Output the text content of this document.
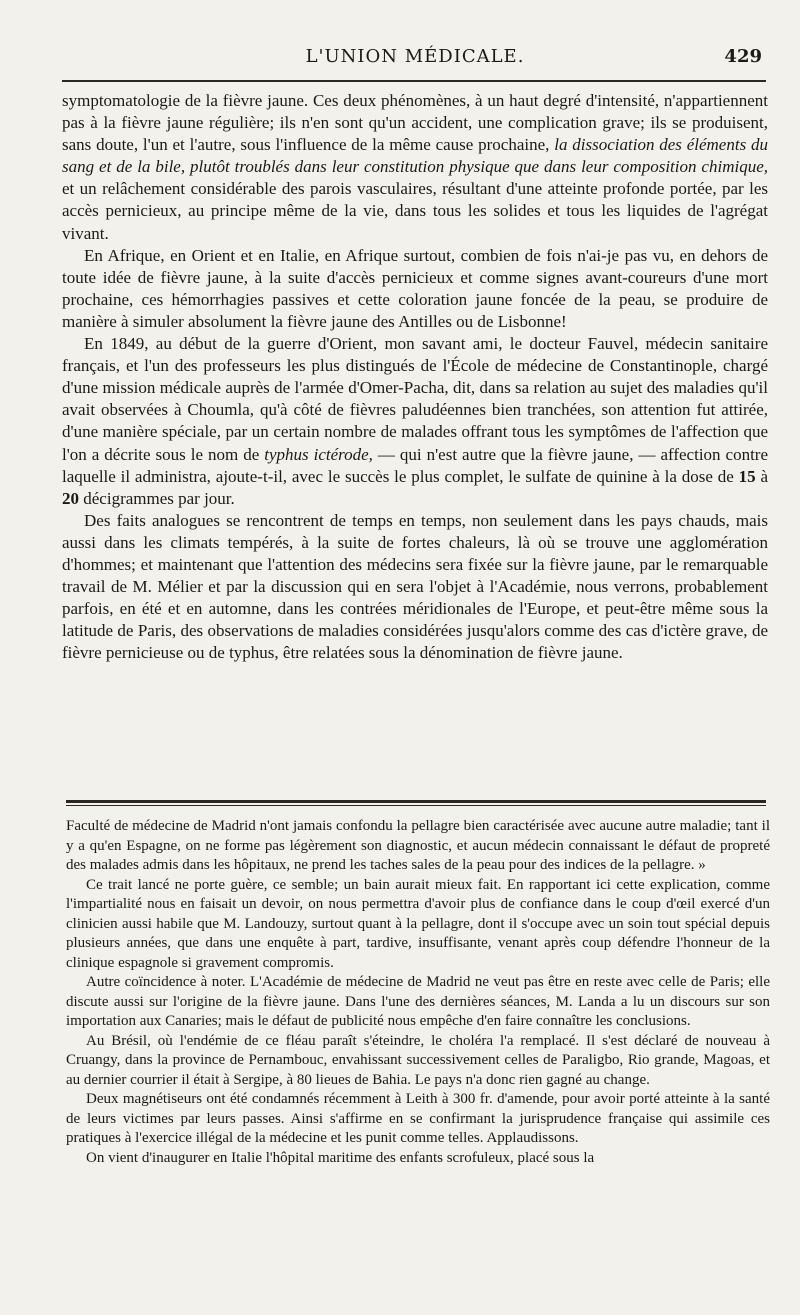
L'UNION MÉDICALE.	429

symptomatologie de la fièvre jaune. Ces deux phénomènes, à un haut degré d'intensité, n'appartiennent pas à la fièvre jaune régulière; ils n'en sont qu'un accident, une complication grave; ils se produisent, sans doute, l'un et l'autre, sous l'influence de la même cause prochaine, la dissociation des éléments du sang et de la bile, plutôt troublés dans leur constitution physique que dans leur composition chimique, et un relâchement considérable des parois vasculaires, résultant d'une atteinte profonde portée, par les accès pernicieux, au principe même de la vie, dans tous les solides et tous les liquides de l'agrégat vivant.

En Afrique, en Orient et en Italie, en Afrique surtout, combien de fois n'ai-je pas vu, en dehors de toute idée de fièvre jaune, à la suite d'accès pernicieux et comme signes avant-coureurs d'une mort prochaine, ces hémorrhagies passives et cette coloration jaune foncée de la peau, se produire de manière à simuler absolument la fièvre jaune des Antilles ou de Lisbonne!

En 1849, au début de la guerre d'Orient, mon savant ami, le docteur Fauvel, médecin sanitaire français, et l'un des professeurs les plus distingués de l'École de médecine de Constantinople, chargé d'une mission médicale auprès de l'armée d'Omer-Pacha, dit, dans sa relation au sujet des maladies qu'il avait observées à Choumla, qu'à côté de fièvres paludéennes bien tranchées, son attention fut attirée, d'une manière spéciale, par un certain nombre de malades offrant tous les symptômes de l'affection que l'on a décrite sous le nom de typhus ictérode, — qui n'est autre que la fièvre jaune, — affection contre laquelle il administra, ajoute-t-il, avec le succès le plus complet, le sulfate de quinine à la dose de 15 à 20 décigrammes par jour.

Des faits analogues se rencontrent de temps en temps, non seulement dans les pays chauds, mais aussi dans les climats tempérés, à la suite de fortes chaleurs, là où se trouve une agglomération d'hommes; et maintenant que l'attention des médecins sera fixée sur la fièvre jaune, par le remarquable travail de M. Mélier et par la discussion qui en sera l'objet à l'Académie, nous verrons, probablement parfois, en été et en automne, dans les contrées méridionales de l'Europe, et peut-être même sous la latitude de Paris, des observations de maladies considérées jusqu'alors comme des cas d'ictère grave, de fièvre pernicieuse ou de typhus, être relatées sous la dénomination de fièvre jaune.

Faculté de médecine de Madrid n'ont jamais confondu la pellagre bien caractérisée avec aucune autre maladie; tant il y a qu'en Espagne, on ne forme pas légèrement son diagnostic, et aucun médecin connaissant le défaut de propreté des malades admis dans les hôpitaux, ne prend les taches sales de la peau pour des indices de la pellagre. »

Ce trait lancé ne porte guère, ce semble; un bain aurait mieux fait. En rapportant ici cette explication, comme l'impartialité nous en faisait un devoir, on nous permettra d'avoir plus de confiance dans le coup d'œil exercé d'un clinicien aussi habile que M. Landouzy, surtout quant à la pellagre, dont il s'occupe avec un soin tout spécial depuis plusieurs années, que dans une enquête à part, tardive, insuffisante, venant après coup défendre l'honneur de la clinique espagnole si gravement compromis.

Autre coïncidence à noter. L'Académie de médecine de Madrid ne veut pas être en reste avec celle de Paris; elle discute aussi sur l'origine de la fièvre jaune. Dans l'une des dernières séances, M. Landa a lu un discours sur son importation aux Canaries; mais le défaut de publicité nous empêche d'en faire connaître les conclusions.

Au Brésil, où l'endémie de ce fléau paraît s'éteindre, le choléra l'a remplacé. Il s'est déclaré de nouveau à Cruangy, dans la province de Pernambouc, envahissant successivement celles de Paraligbo, Rio grande, Magoas, et au dernier courrier il était à Sergipe, à 80 lieues de Bahia. Le pays n'a donc rien gagné au change.

Deux magnétiseurs ont été condamnés récemment à Leith à 300 fr. d'amende, pour avoir porté atteinte à la santé de leurs victimes par leurs passes. Ainsi s'affirme en se confirmant la jurisprudence française qui assimile ces pratiques à l'exercice illégal de la médecine et les punit comme telles. Applaudissons.

On vient d'inaugurer en Italie l'hôpital maritime des enfants scrofuleux, placé sous la
